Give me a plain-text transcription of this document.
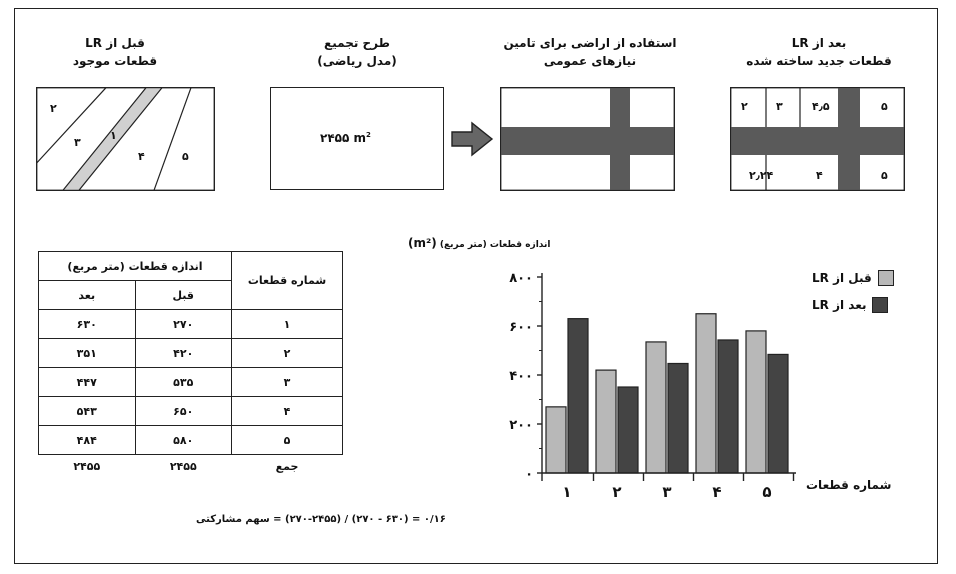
قبل از LR
قطعات موجود
۲
۳
۱
۴	۵
طرح تجمیع
(مدل ریاضی)
۲۴۵۵ $m^2$
استفاده از اراضی برای تامین
نیازهای عمومی
بعد از LR
قطعات جدید ساخته شده
۲	۳	۴٫۵	۵
۲٫۲۴	۴	۵
شماره قطعات	اندازه قطعات (متر مربع)	
	قبل	بعد
۱	۲۷۰	۶۳۰
۲	۴۲۰	۳۵۱
۳	۵۳۵	۴۴۷
۴	۶۵۰	۵۴۳
۵	۵۸۰	۴۸۴
جمع	۲۴۵۵	۲۴۵۵
۰/۱۶ = (۶۳۰ - ۲۷۰) / (۲۷۰-۲۴۵۵) = سهم مشارکتی
اندازه قطعات (متر مربع) (m²)
۱	۲	۳	۴	۵
۰
۲۰۰
۴۰۰
۶۰۰
۸۰۰	قبل از LR
بعد از LR
شماره قطعات
